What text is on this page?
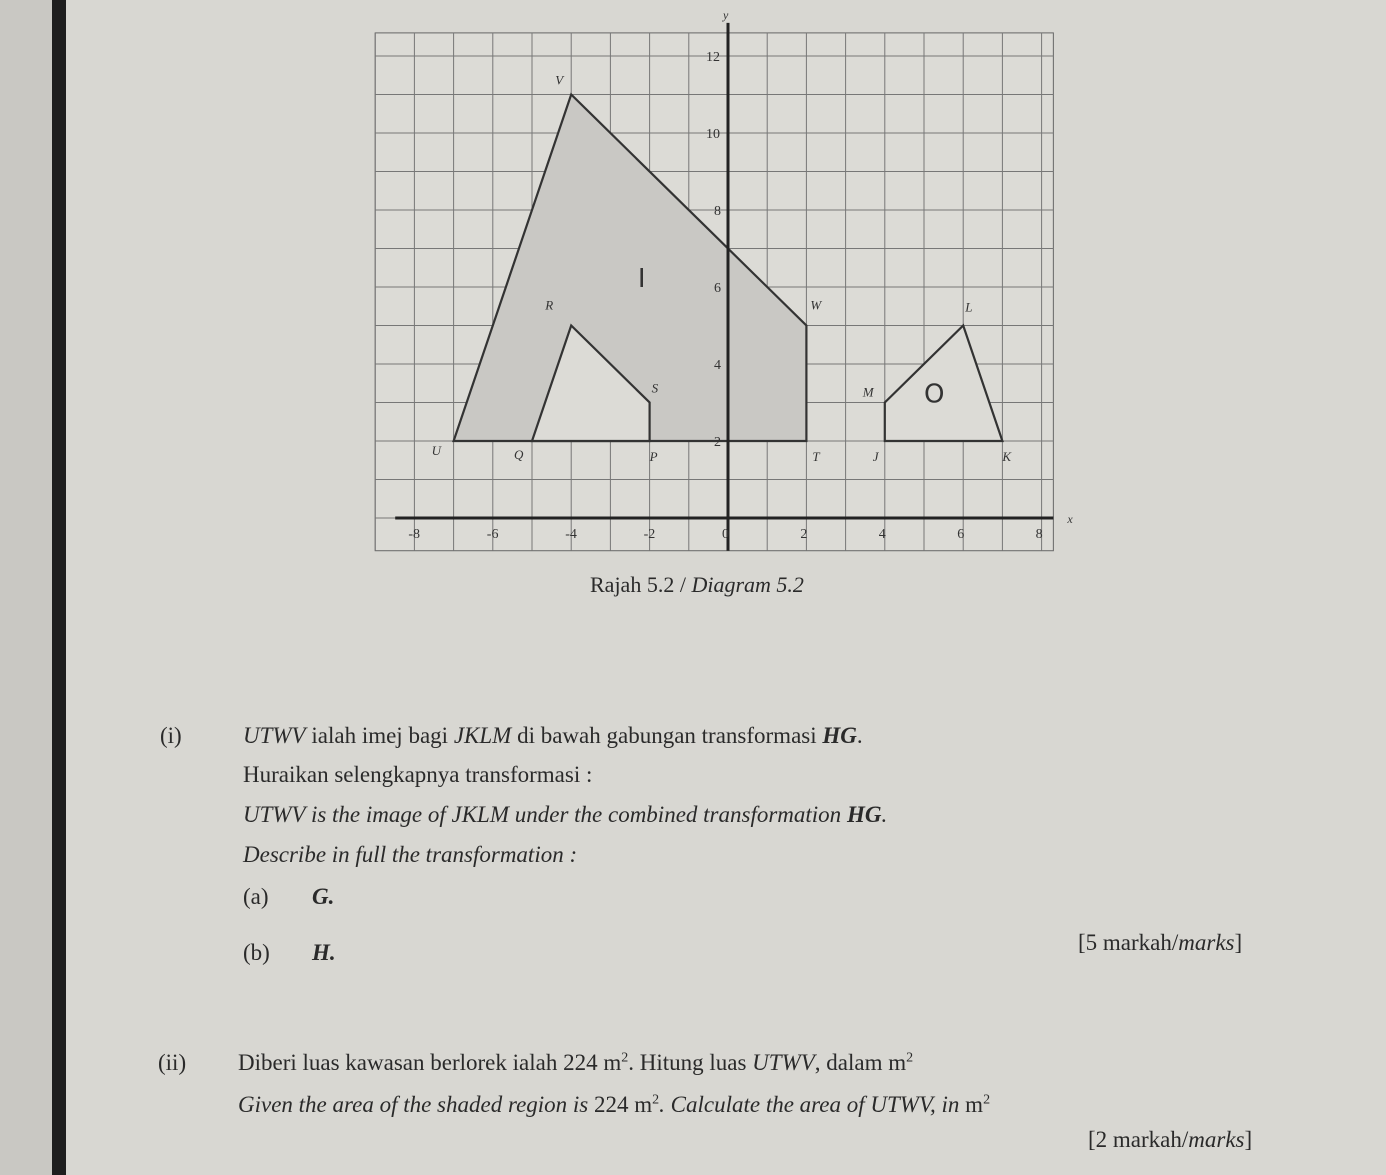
x
y
-8	-6	-4	-2	0	2	4	6	8
2
4
6
8
10
12
U	T
W
V
Q	P
S
R
J	K
L
M
I
O
Rajah 5.2 / Diagram 5.2
(i)	UTWV ialah imej bagi JKLM di bawah gabungan transformasi HG.
Huraikan selengkapnya transformasi :
UTWV is the image of JKLM under the combined transformation HG.
Describe in full the transformation :
(a) G.
(b) H.	[5 markah/marks]
(ii) Diberi luas kawasan berlorek ialah 224 $m^2$. Hitung luas UTWV, dalam $m^2$
Given the area of the shaded region is 224 $m^2$. Calculate the area of UTWV, in $m^2$
[2 markah/marks]
